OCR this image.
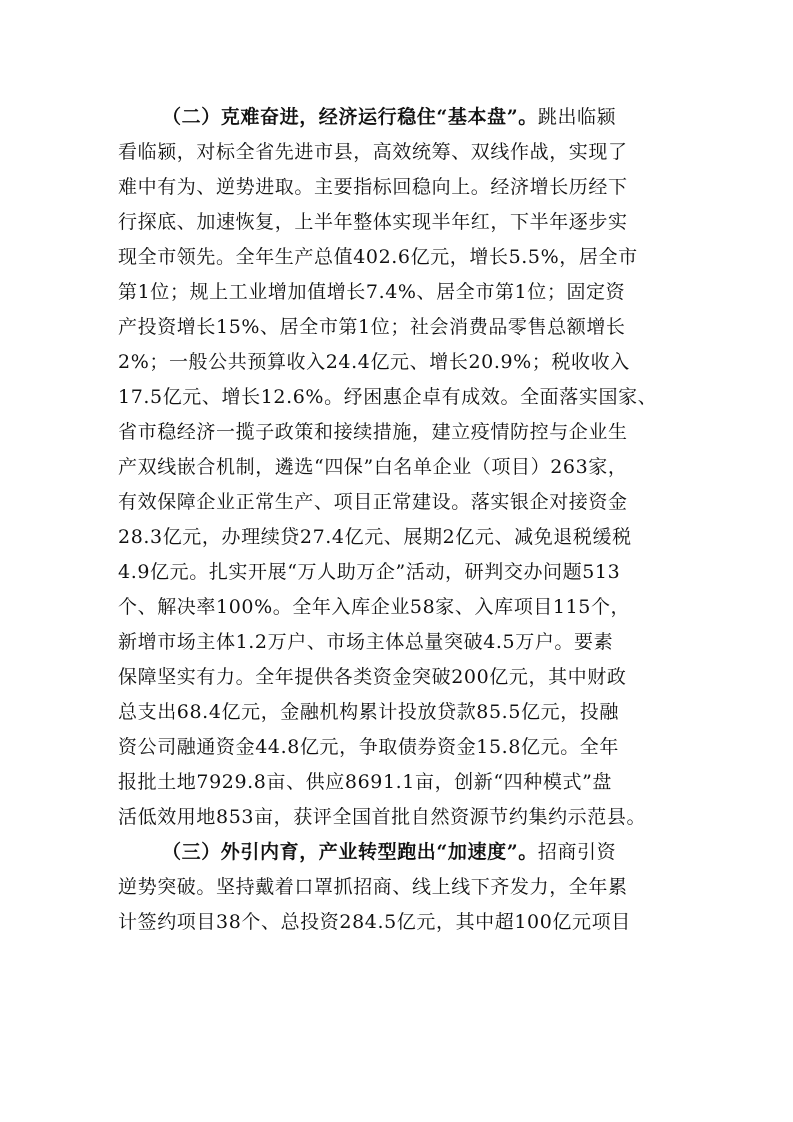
（二）克难奋进，经济运行稳住“基本盘”。跳出临颍
看临颍，对标全省先进市县，高效统筹、双线作战，实现了
难中有为、逆势进取。主要指标回稳向上。经济增长历经下
行探底、加速恢复，上半年整体实现半年红，下半年逐步实
现全市领先。全年生产总值402.6亿元，增长5.5%，居全市
第1位；规上工业增加值增长7.4%、居全市第1位；固定资
产投资增长15%、居全市第1位；社会消费品零售总额增长
2%；一般公共预算收入24.4亿元、增长20.9%；税收收入
17.5亿元、增长12.6%。纾困惠企卓有成效。全面落实国家、
省市稳经济一揽子政策和接续措施，建立疫情防控与企业生
产双线嵌合机制，遴选“四保”白名单企业（项目）263家，
有效保障企业正常生产、项目正常建设。落实银企对接资金
28.3亿元，办理续贷27.4亿元、展期2亿元、减免退税缓税
4.9亿元。扎实开展“万人助万企”活动，研判交办问题513
个、解决率100%。全年入库企业58家、入库项目115个，
新增市场主体1.2万户、市场主体总量突破4.5万户。要素
保障坚实有力。全年提供各类资金突破200亿元，其中财政
总支出68.4亿元，金融机构累计投放贷款85.5亿元，投融
资公司融通资金44.8亿元，争取债券资金15.8亿元。全年
报批土地7929.8亩、供应8691.1亩，创新“四种模式”盘
活低效用地853亩，获评全国首批自然资源节约集约示范县。
（三）外引内育，产业转型跑出“加速度”。招商引资
逆势突破。坚持戴着口罩抓招商、线上线下齐发力，全年累
计签约项目38个、总投资284.5亿元，其中超100亿元项目
